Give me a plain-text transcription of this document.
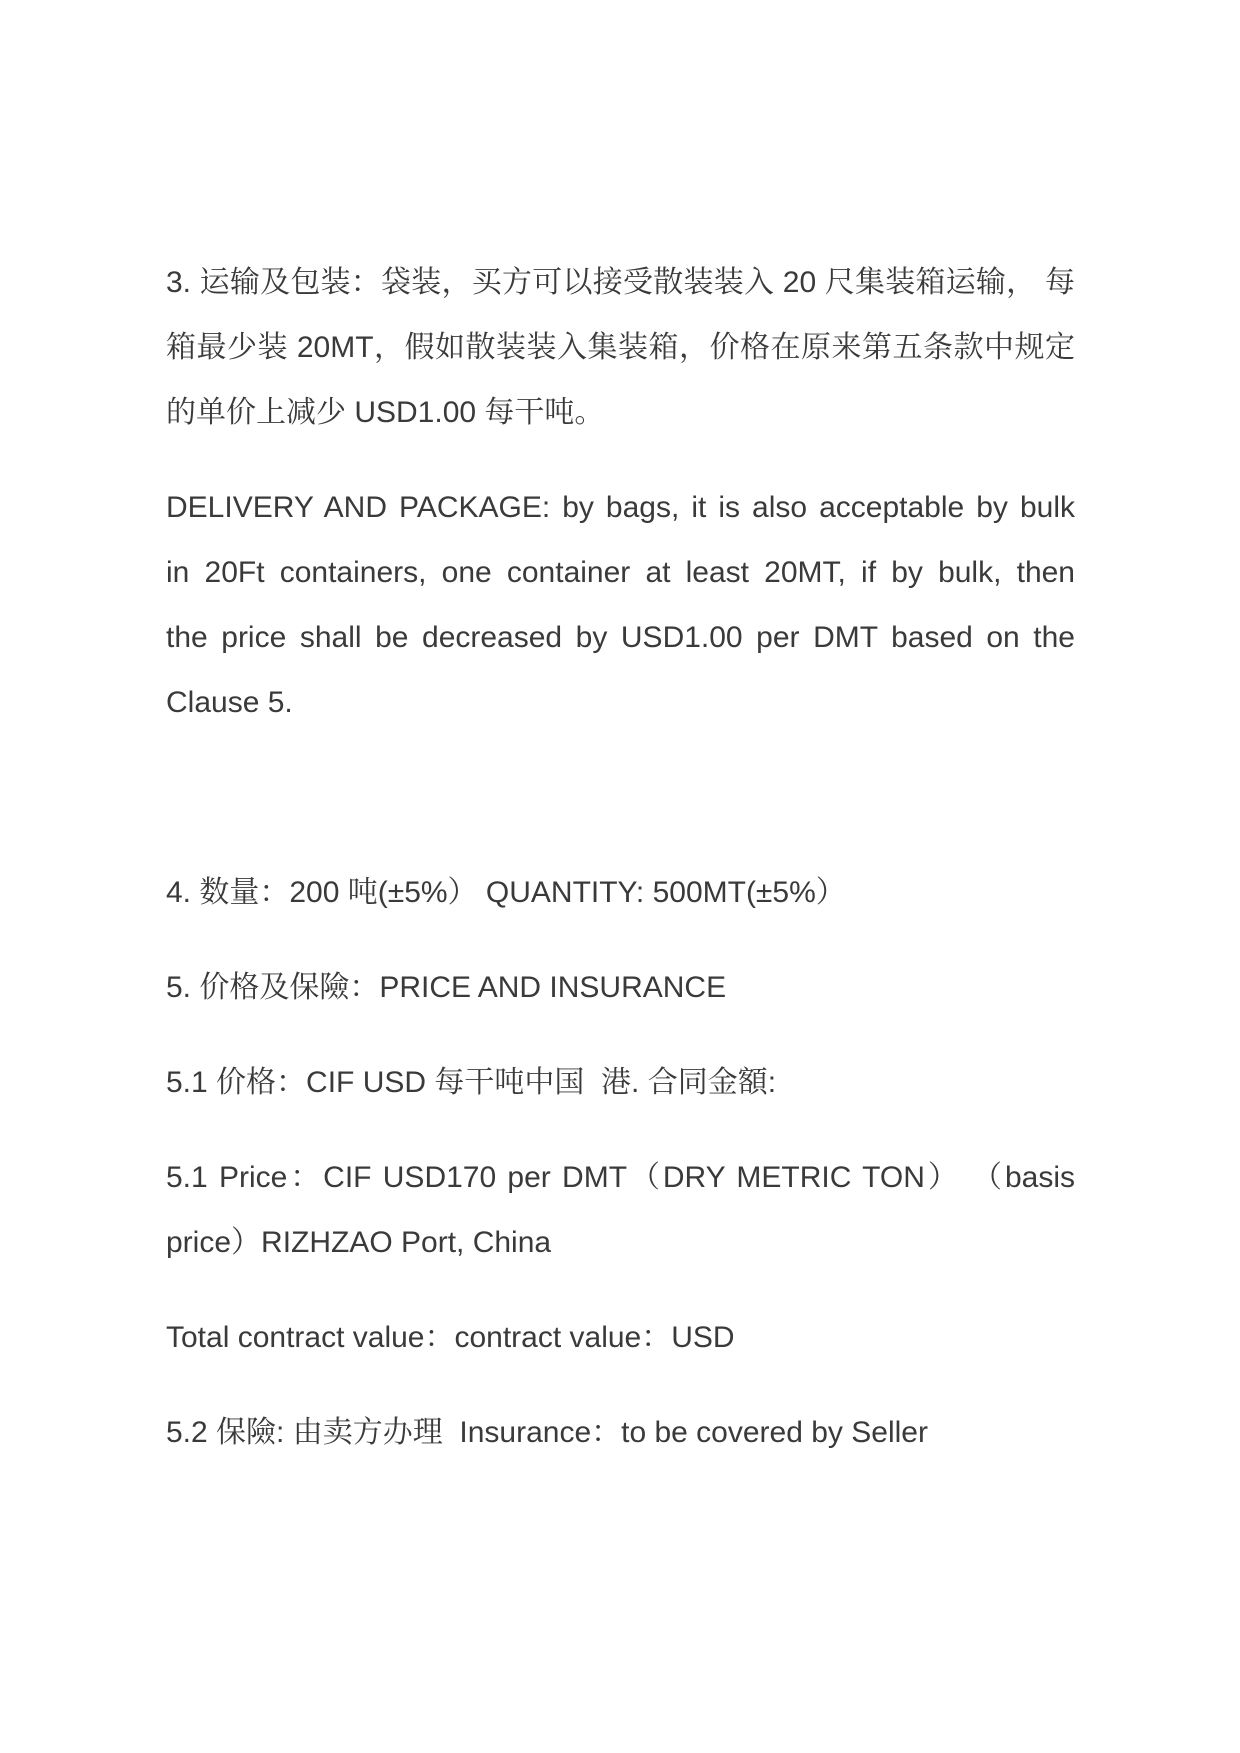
3. 运输及包装：袋装，买方可以接受散装装入 20 尺集装箱运输， 每
箱最少装 20MT，假如散装装入集装箱，价格在原来第五条款中规定
的单价上减少 USD1.00 每干吨。
DELIVERY AND PACKAGE: by bags, it is also acceptable by bulk
in 20Ft containers, one container at least 20MT, if by bulk, then
the price shall be decreased by USD1.00 per DMT based on the
Clause 5.
4. 数量：200 吨(±5%） QUANTITY: 500MT(±5%）
5. 价格及保險：PRICE AND INSURANCE
5.1 价格：CIF USD 每干吨中国  港. 合同金額:
5.1 Price：CIF USD170 per DMT（DRY METRIC TON） （basis
price）RIZHZAO Port, China
Total contract value：contract value：USD
5.2 保險: 由卖方办理  Insurance：to be covered by Seller
